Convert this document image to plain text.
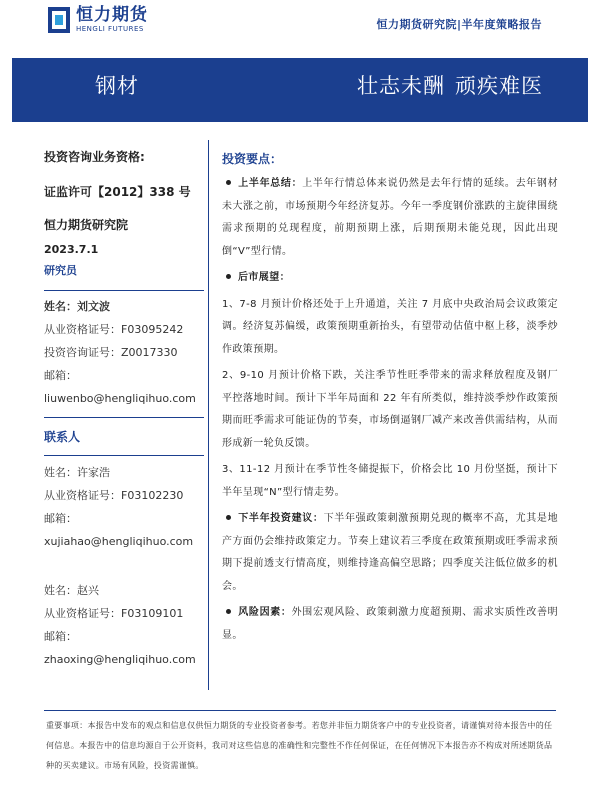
恒力期货
HENGLI FUTURES	恒力期货研究院|半年度策略报告
钢材	壮志未酬 顽疾难医
投资咨询业务资格:
证监许可【2012】338 号
恒力期货研究院
2023.7.1
研究员
姓名：刘文波
从业资格证号：F03095242
投资咨询证号：Z0017330
邮箱：
liuwenbo@hengliqihuo.com
联系人
姓名：许家浩
从业资格证号：F03102230
邮箱：
xujiahao@hengliqihuo.com
姓名：赵兴
从业资格证号：F03109101
邮箱：
zhaoxing@hengliqihuo.com
投资要点：
上半年总结：上半年行情总体来说仍然是去年行情的延续。去年钢材未大涨之前，市场预期今年经济复苏。今年一季度钢价涨跌的主旋律围绕需求预期的兑现程度，前期预期上涨，后期预期未能兑现，因此出现倒“V”型行情。
后市展望：
1、7-8 月预计价格还处于上升通道，关注 7 月底中央政治局会议政策定调。经济复苏偏缓，政策预期重新抬头，有望带动估值中枢上移，淡季炒作政策预期。
2、9-10 月预计价格下跌，关注季节性旺季带来的需求释放程度及钢厂平控落地时间。预计下半年局面和 22 年有所类似，维持淡季炒作政策预期而旺季需求可能证伪的节奏，市场倒逼钢厂减产来改善供需结构，从而形成新一轮负反馈。
3、11-12 月预计在季节性冬储提振下，价格会比 10 月份坚挺，预计下半年呈现“N”型行情走势。
下半年投资建议：下半年强政策刺激预期兑现的概率不高，尤其是地产方面仍会维持政策定力。节奏上建议若三季度在政策预期或旺季需求预期下提前透支行情高度，则维持逢高偏空思路；四季度关注低位做多的机会。
风险因素：外围宏观风险、政策刺激力度超预期、需求实质性改善明显。
重要事项：本报告中发布的观点和信息仅供恒力期货的专业投资者参考。若您并非恒力期货客户中的专业投资者，请谨慎对待本报告中的任何信息。本报告中的信息均源自于公开资料，我司对这些信息的准确性和完整性不作任何保证，在任何情况下本报告亦不构成对所述期货品种的买卖建议。市场有风险，投资需谨慎。
